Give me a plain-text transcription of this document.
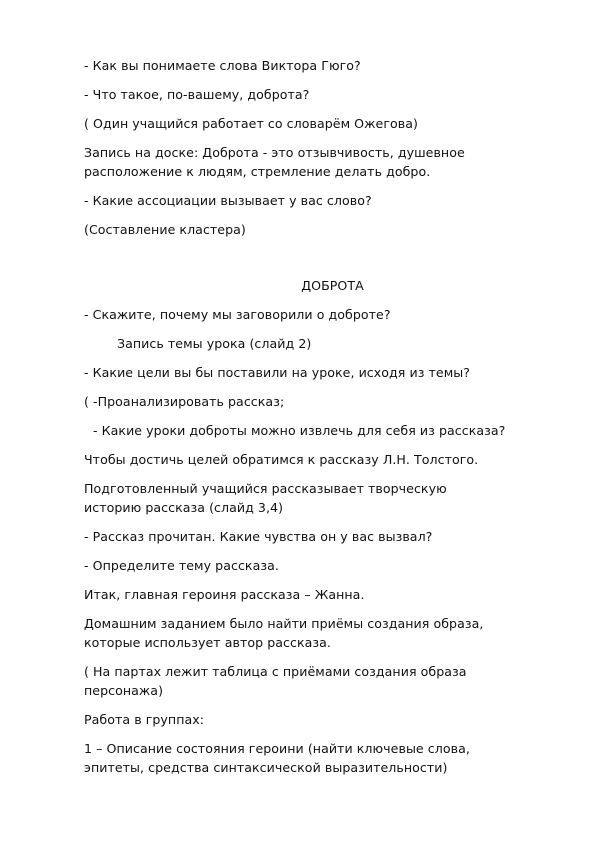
- Как вы понимаете слова Виктора Гюго?

- Что такое, по-вашему, доброта?

( Один учащийся работает со словарём Ожегова)

Запись на доске: Доброта - это отзывчивость, душевное

расположение к людям, стремление делать добро.

- Какие ассоциации вызывает у вас слово?

(Составление кластера)

ДОБРОТА

- Скажите, почему мы заговорили о доброте?

Запись темы урока (слайд 2)

- Какие цели вы бы поставили на уроке, исходя из темы?

( -Проанализировать рассказ;

- Какие уроки доброты можно извлечь для себя из рассказа?

Чтобы достичь целей обратимся к рассказу Л.Н. Толстого.

Подготовленный учащийся рассказывает творческую

историю рассказа (слайд 3,4)

- Рассказ прочитан. Какие чувства он у вас вызвал?

- Определите тему рассказа.

Итак, главная героиня рассказа – Жанна.

Домашним заданием было найти приёмы создания образа,

которые использует автор рассказа.

( На партах лежит таблица с приёмами создания образа

персонажа)

Работа в группах:

1 – Описание состояния героини (найти ключевые слова,

эпитеты, средства синтаксической выразительности)
